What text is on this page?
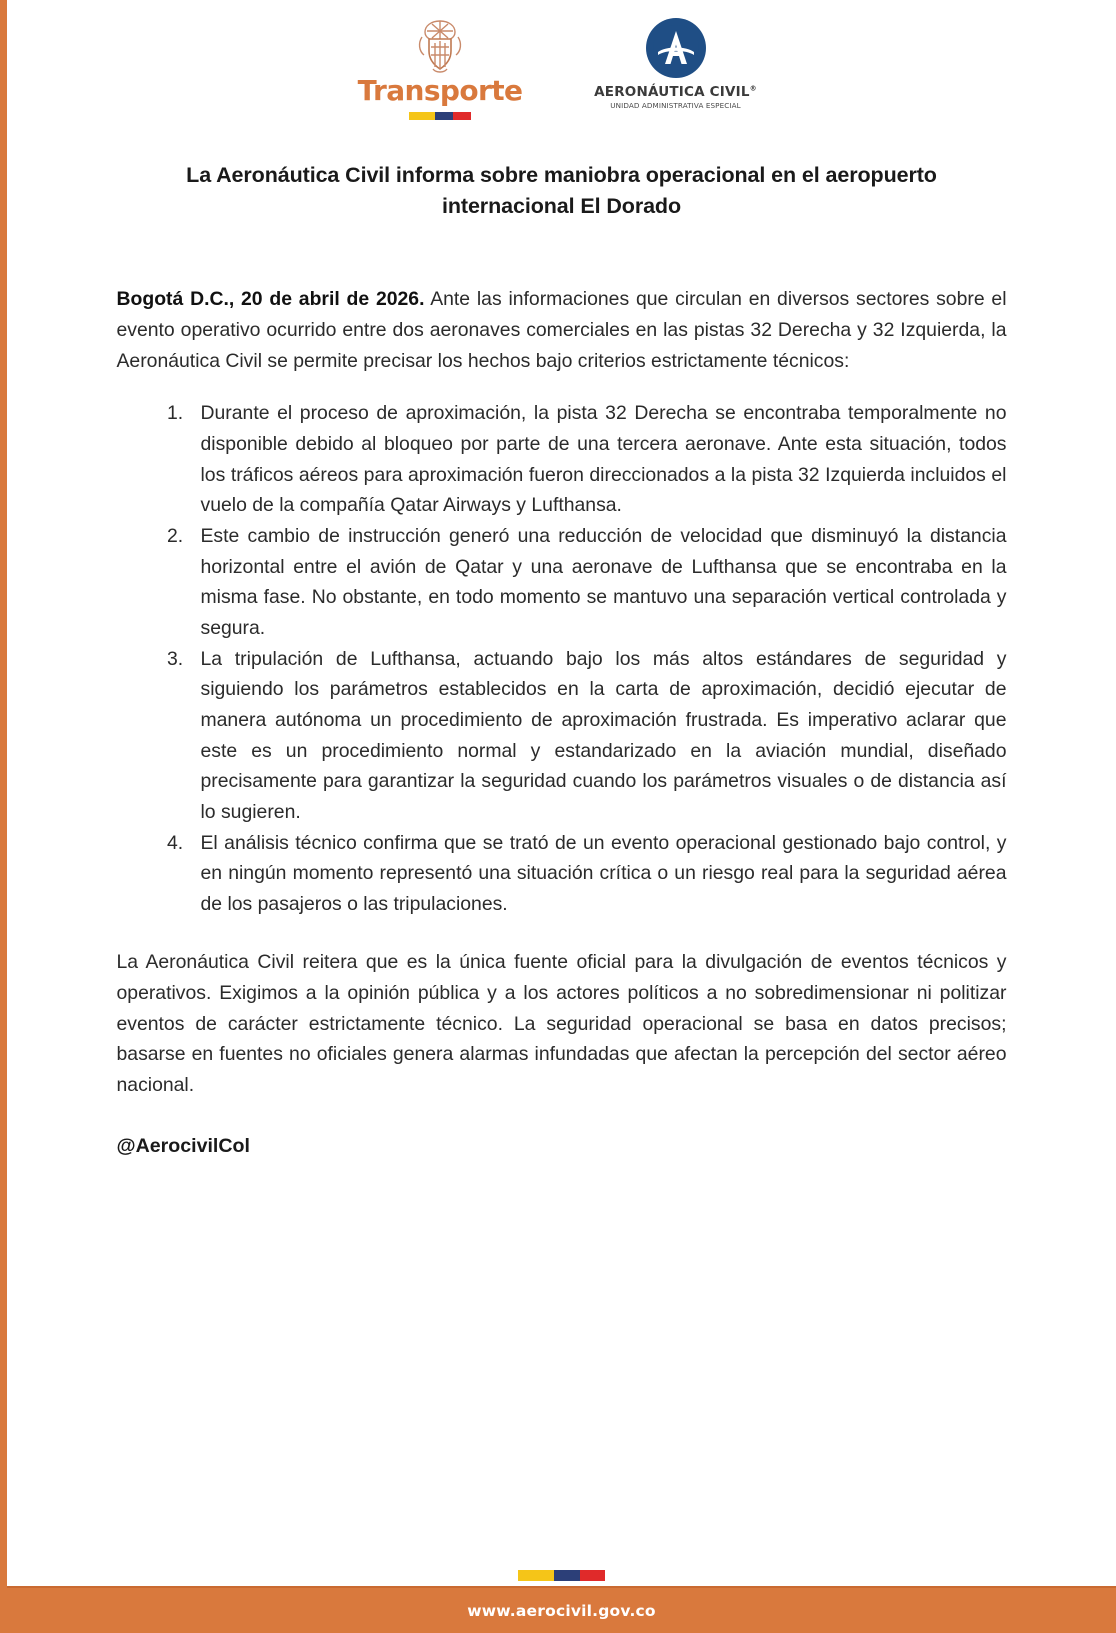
Transporte	AERONÁUTICA CIVIL®
UNIDAD ADMINISTRATIVA ESPECIAL
La Aeronáutica Civil informa sobre maniobra operacional en el aeropuerto internacional El Dorado

Bogotá D.C., 20 de abril de 2026. Ante las informaciones que circulan en diversos sectores sobre el evento operativo ocurrido entre dos aeronaves comerciales en las pistas 32 Derecha y 32 Izquierda, la Aeronáutica Civil se permite precisar los hechos bajo criterios estrictamente técnicos:

1. Durante el proceso de aproximación, la pista 32 Derecha se encontraba temporalmente no disponible debido al bloqueo por parte de una tercera aeronave. Ante esta situación, todos los tráficos aéreos para aproximación fueron direccionados a la pista 32 Izquierda incluidos el vuelo de la compañía Qatar Airways y Lufthansa.
2. Este cambio de instrucción generó una reducción de velocidad que disminuyó la distancia horizontal entre el avión de Qatar y una aeronave de Lufthansa que se encontraba en la misma fase. No obstante, en todo momento se mantuvo una separación vertical controlada y segura.
3. La tripulación de Lufthansa, actuando bajo los más altos estándares de seguridad y siguiendo los parámetros establecidos en la carta de aproximación, decidió ejecutar de manera autónoma un procedimiento de aproximación frustrada. Es imperativo aclarar que este es un procedimiento normal y estandarizado en la aviación mundial, diseñado precisamente para garantizar la seguridad cuando los parámetros visuales o de distancia así lo sugieren.
4. El análisis técnico confirma que se trató de un evento operacional gestionado bajo control, y en ningún momento representó una situación crítica o un riesgo real para la seguridad aérea de los pasajeros o las tripulaciones.

La Aeronáutica Civil reitera que es la única fuente oficial para la divulgación de eventos técnicos y operativos. Exigimos a la opinión pública y a los actores políticos a no sobredimensionar ni politizar eventos de carácter estrictamente técnico. La seguridad operacional se basa en datos precisos; basarse en fuentes no oficiales genera alarmas infundadas que afectan la percepción del sector aéreo nacional.

@AerocivilCol

www.aerocivil.gov.co
